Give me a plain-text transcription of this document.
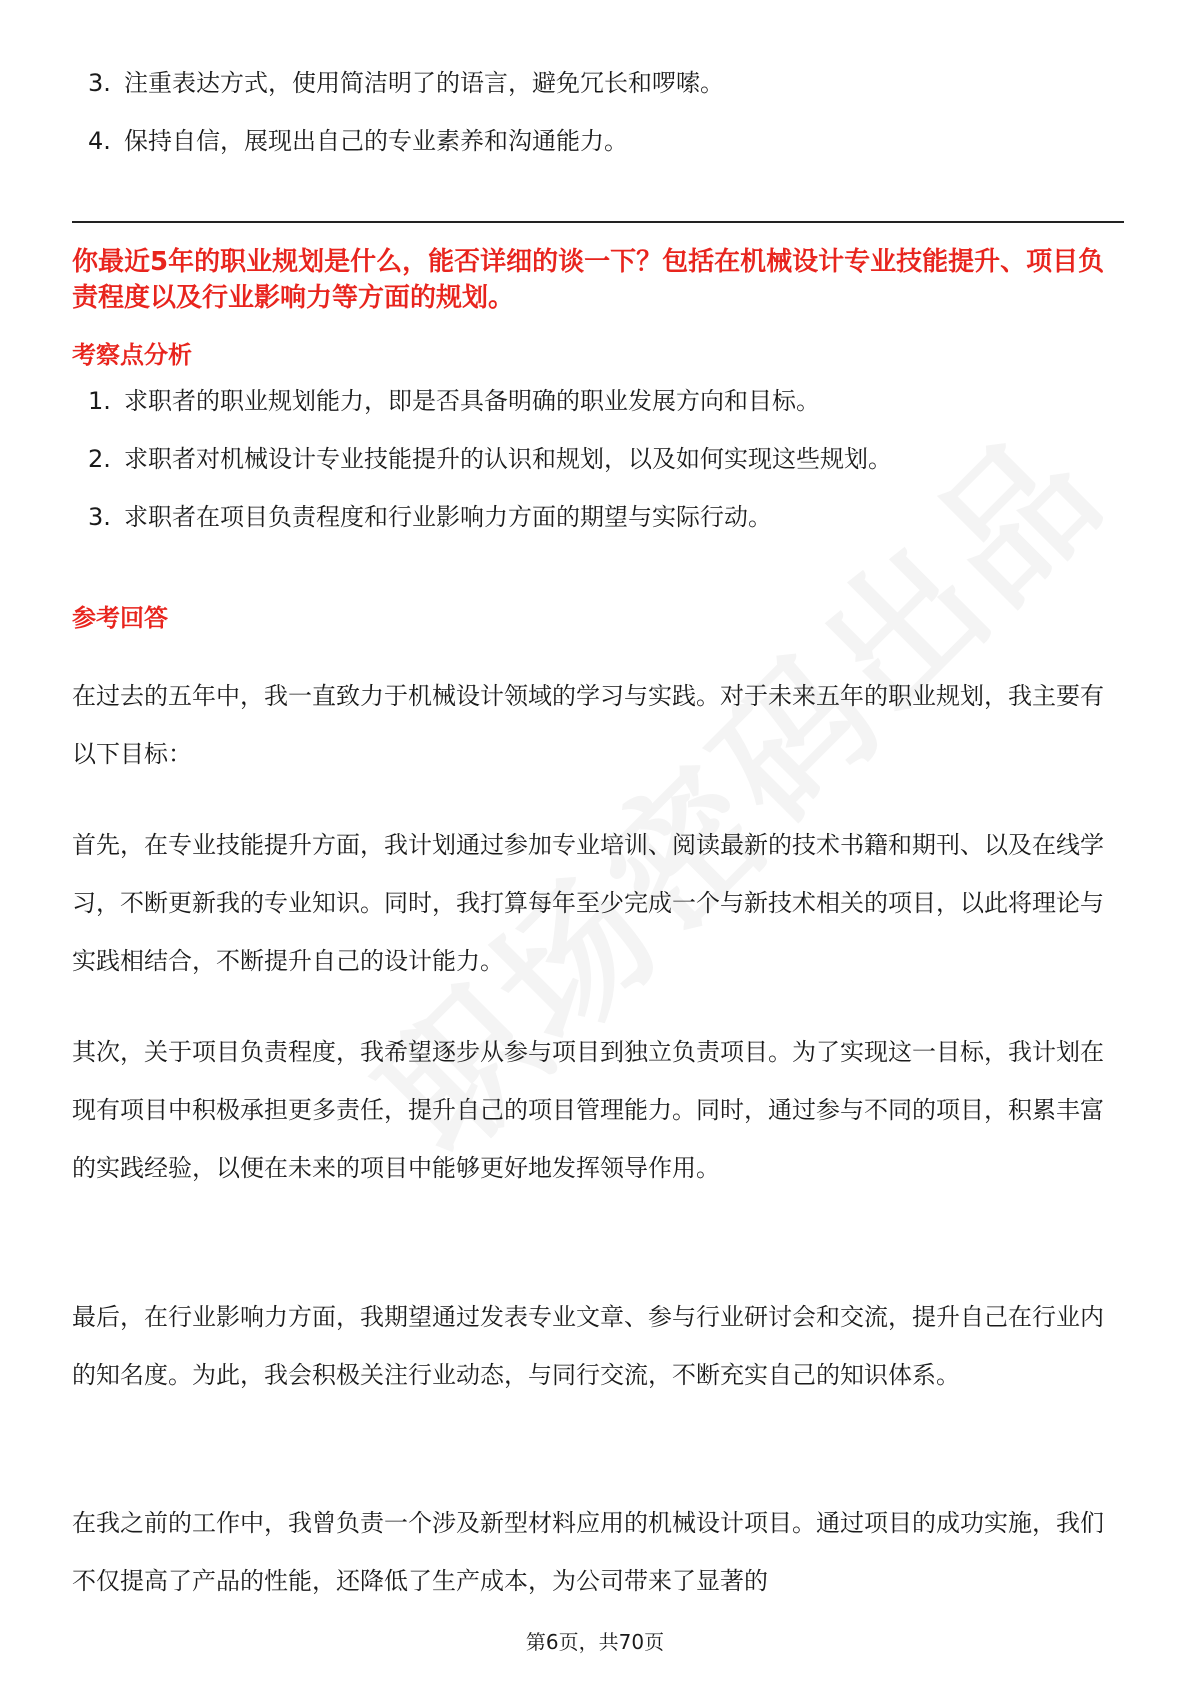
3. 注重表达方式，使用简洁明了的语言，避免冗长和啰嗦。
4. 保持自信，展现出自己的专业素养和沟通能力。
你最近5年的职业规划是什么，能否详细的谈一下？包括在机械设计专业技能提升、项目负责程度以及行业影响力等方面的规划。
考察点分析
1. 求职者的职业规划能力，即是否具备明确的职业发展方向和目标。
2. 求职者对机械设计专业技能提升的认识和规划，以及如何实现这些规划。
3. 求职者在项目负责程度和行业影响力方面的期望与实际行动。
参考回答

在过去的五年中，我一直致力于机械设计领域的学习与实践。对于未来五年的职业规划，我主要有以下目标：

首先，在专业技能提升方面，我计划通过参加专业培训、阅读最新的技术书籍和期刊、以及在线学习，不断更新我的专业知识。同时，我打算每年至少完成一个与新技术相关的项目，以此将理论与实践相结合，不断提升自己的设计能力。

其次，关于项目负责程度，我希望逐步从参与项目到独立负责项目。为了实现这一目标，我计划在现有项目中积极承担更多责任，提升自己的项目管理能力。同时，通过参与不同的项目，积累丰富的实践经验，以便在未来的项目中能够更好地发挥领导作用。

最后，在行业影响力方面，我期望通过发表专业文章、参与行业研讨会和交流，提升自己在行业内的知名度。为此，我会积极关注行业动态，与同行交流，不断充实自己的知识体系。

在我之前的工作中，我曾负责一个涉及新型材料应用的机械设计项目。通过项目的成功实施，我们不仅提高了产品的性能，还降低了生产成本，为公司带来了显著的

第6页，共70页
